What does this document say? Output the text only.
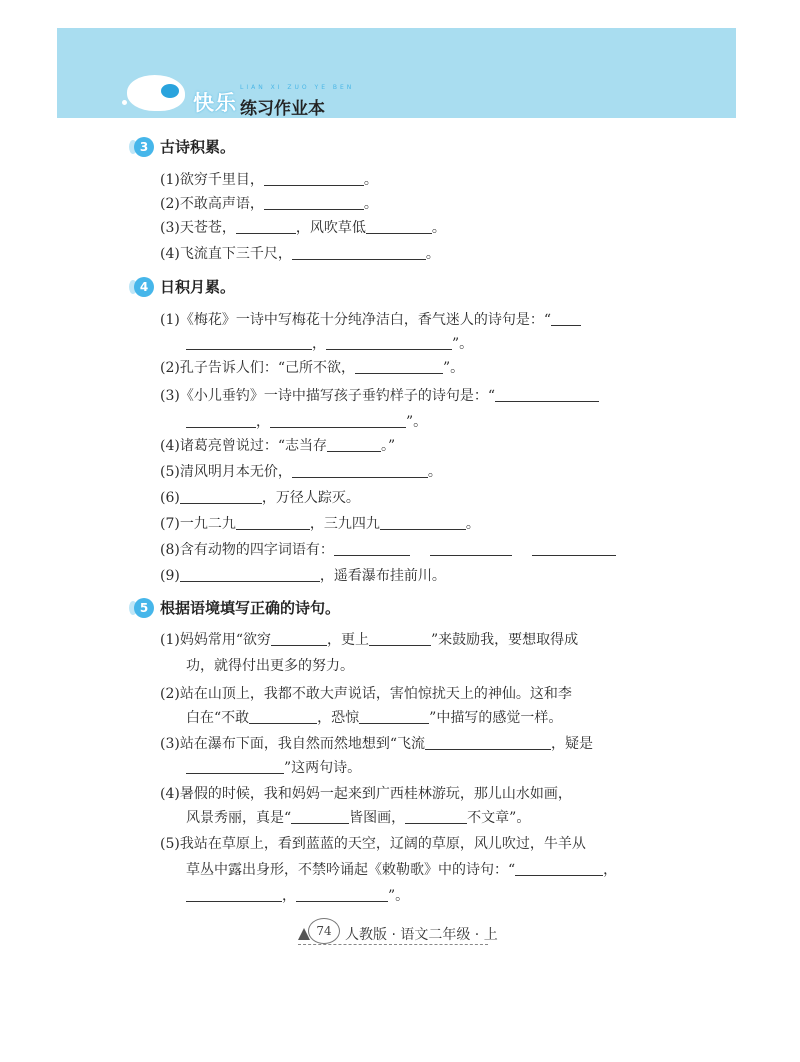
快乐
LIAN XI ZUO YE BEN
练习作业本
3 古诗积累。
(1)欲穷千里目，	。
(2)不敢高声语，	。
(3)天苍苍，	，风吹草低	。
(4)飞流直下三千尺，	。
4 日积月累。
(1)《梅花》一诗中写梅花十分纯净洁白，香气迷人的诗句是：“
，	”。
(2)孔子告诉人们：“己所不欲，	”。
(3)《小儿垂钓》一诗中描写孩子垂钓样子的诗句是：“
，	”。
(4)诸葛亮曾说过：“志当存	。”
(5)清风明月本无价，	。
(6)	，万径人踪灭。
(7)一九二九	，三九四九	。
(8)含有动物的四字词语有：
(9)	，遥看瀑布挂前川。
5 根据语境填写正确的诗句。
(1)妈妈常用“欲穷	，更上	”来鼓励我，要想取得成
功，就得付出更多的努力。
(2)站在山顶上，我都不敢大声说话，害怕惊扰天上的神仙。这和李
白在“不敢	，恐惊	”中描写的感觉一样。
(3)站在瀑布下面，我自然而然地想到“飞流	，疑是
”这两句诗。
(4)暑假的时候，我和妈妈一起来到广西桂林游玩，那儿山水如画，
风景秀丽，真是“	皆图画，	不文章”。
(5)我站在草原上，看到蓝蓝的天空，辽阔的草原，风儿吹过，牛羊从
草丛中露出身形，不禁吟诵起《敕勒歌》中的诗句：“	，
，	”。
74 人教版 · 语文二年级 · 上
